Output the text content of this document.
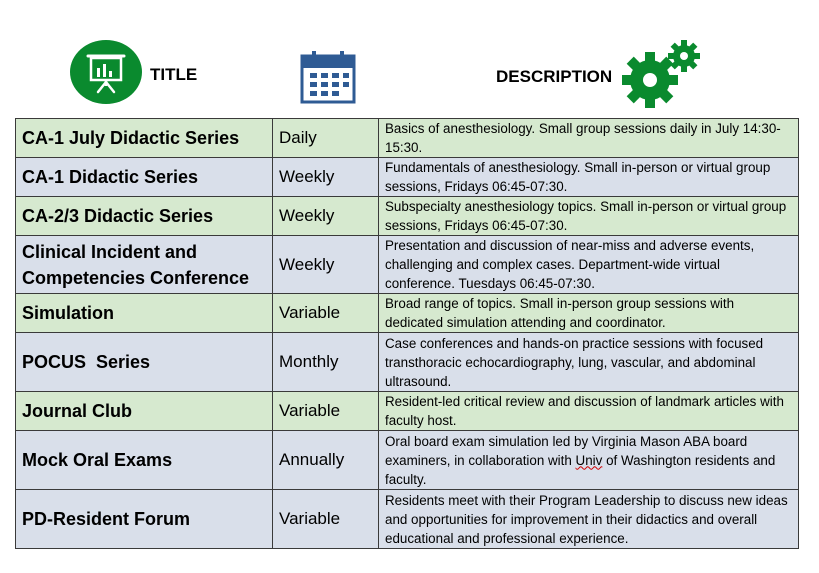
TITLE	DESCRIPTION
CA-1 July Didactic Series	Daily	Basics of anesthesiology. Small group sessions daily in July 14:30-15:30.
CA-1 Didactic Series	Weekly	Fundamentals of anesthesiology. Small in-person or virtual group sessions, Fridays 06:45-07:30.
CA-2/3 Didactic Series	Weekly	Subspecialty anesthesiology topics. Small in-person or virtual group sessions, Fridays 06:45-07:30.
Clinical Incident and Competencies Conference	Weekly	Presentation and discussion of near-miss and adverse events, challenging and complex cases. Department-wide virtual conference. Tuesdays 06:45-07:30.
Simulation	Variable	Broad range of topics. Small in-person group sessions with dedicated simulation attending and coordinator.
POCUS  Series	Monthly	Case conferences and hands-on practice sessions with focused transthoracic echocardiography, lung, vascular, and abdominal ultrasound.
Journal Club	Variable	Resident-led critical review and discussion of landmark articles with faculty host.
Mock Oral Exams	Annually	Oral board exam simulation led by Virginia Mason ABA board examiners, in collaboration with Univ of Washington residents and faculty.
PD-Resident Forum	Variable	Residents meet with their Program Leadership to discuss new ideas and opportunities for improvement in their didactics and overall educational and professional experience.
